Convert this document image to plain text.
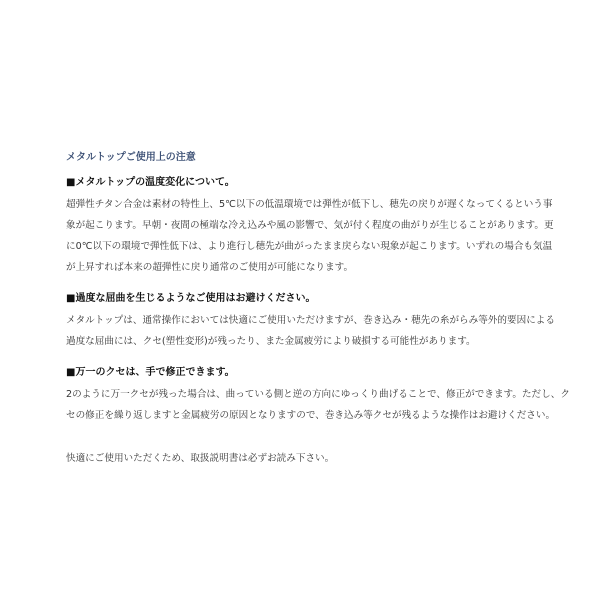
メタルトップご使用上の注意
■メタルトップの温度変化について。
超弾性チタン合金は素材の特性上、5℃以下の低温環境では弾性が低下し、穂先の戻りが遅くなってくるという事
象が起こります。早朝・夜間の極端な冷え込みや風の影響で、気が付く程度の曲がりが生じることがあります。更
に0℃以下の環境で弾性低下は、より進行し穂先が曲がったまま戻らない現象が起こります。いずれの場合も気温
が上昇すれば本来の超弾性に戻り通常のご使用が可能になります。
■過度な屈曲を生じるようなご使用はお避けください。
メタルトップは、通常操作においては快適にご使用いただけますが、巻き込み・穂先の糸がらみ等外的要因による
過度な屈曲には、クセ(塑性変形)が残ったり、また金属疲労により破損する可能性があります。
■万一のクセは、手で修正できます。
2のように万一クセが残った場合は、曲っている側と逆の方向にゆっくり曲げることで、修正ができます。ただし、ク
セの修正を繰り返しますと金属疲労の原因となりますので、巻き込み等クセが残るような操作はお避けください。
快適にご使用いただくため、取扱説明書は必ずお読み下さい。
